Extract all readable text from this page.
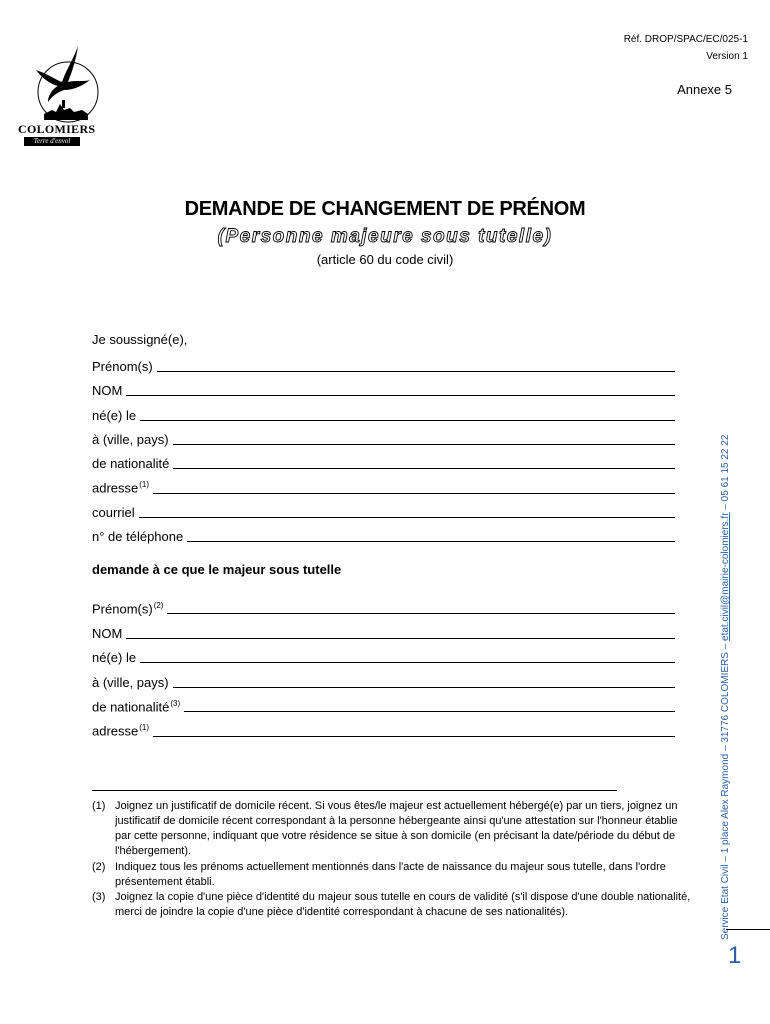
COLOMIERS
Terre d'envol
Réf. DROP/SPAC/EC/025-1
Version 1
Annexe 5
DEMANDE DE CHANGEMENT DE PRÉNOM
(Personne majeure sous tutelle)
(article 60 du code civil)
Je soussigné(e),
Prénom(s)
NOM
né(e) le
à (ville, pays)
de nationalité
adresse$^{(1)}$
courriel
n° de téléphone
demande à ce que le majeur sous tutelle
$Prénom(s)^{(2)}$
NOM
né(e) le
à (ville, pays)
de nationalité$^{(3)}$
adresse$^{(1)}$
(1) Joignez un justificatif de domicile récent. Si vous êtes/le majeur est actuellement hébergé(e) par un tiers, joignez un justificatif de domicile récent correspondant à la personne hébergeante ainsi qu'une attestation sur l'honneur établie par cette personne, indiquant que votre résidence se situe à son domicile (en précisant la date/période du début de l'hébergement).
(2) Indiquez tous les prénoms actuellement mentionnés dans l'acte de naissance du majeur sous tutelle, dans l'ordre présentement établi.
(3) Joignez la copie d'une pièce d'identité du majeur sous tutelle en cours de validité (s'il dispose d'une double nationalité, merci de joindre la copie d'une pièce d'identité correspondant à chacune de ses nationalités).	Service Etat Civil – 1 place Alex Raymond – 31776 COLOMIERS – etat.civil@mairie-colomiers.fr – 05 61 15 22 22
1
